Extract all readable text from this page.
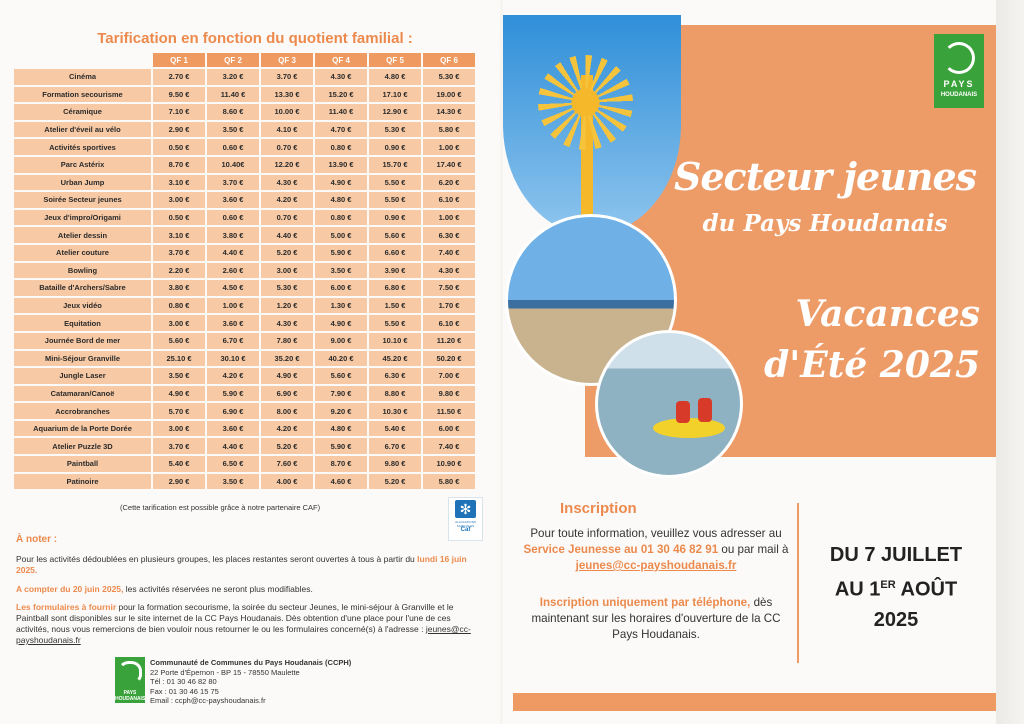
Tarification en fonction du quotient familial :
	QF 1	QF 2	QF 3	QF 4	QF 5	QF 6
Cinéma	2.70 €	3.20 €	3.70 €	4.30 €	4.80 €	5.30 €
Formation secourisme	9.50 €	11.40 €	13.30 €	15.20 €	17.10 €	19.00 €
Céramique	7.10 €	8.60 €	10.00 €	11.40 €	12.90 €	14.30 €
Atelier d'éveil au vélo	2.90 €	3.50 €	4.10 €	4.70 €	5.30 €	5.80 €
Activités sportives	0.50 €	0.60 €	0.70 €	0.80 €	0.90 €	1.00 €
Parc Astérix	8.70 €	10.40€	12.20 €	13.90 €	15.70 €	17.40 €
Urban Jump	3.10 €	3.70 €	4.30 €	4.90 €	5.50 €	6.20 €
Soirée Secteur jeunes	3.00 €	3.60 €	4.20 €	4.80 €	5.50 €	6.10 €
Jeux d'impro/Origami	0.50 €	0.60 €	0.70 €	0.80 €	0.90 €	1.00 €
Atelier dessin	3.10 €	3.80 €	4.40 €	5.00 €	5.60 €	6.30 €
Atelier couture	3.70 €	4.40 €	5.20 €	5.90 €	6.60 €	7.40 €
Bowling	2.20 €	2.60 €	3.00 €	3.50 €	3.90 €	4.30 €
Bataille d'Archers/Sabre	3.80 €	4.50 €	5.30 €	6.00 €	6.80 €	7.50 €
Jeux vidéo	0.80 €	1.00 €	1.20 €	1.30 €	1.50 €	1.70 €
Equitation	3.00 €	3.60 €	4.30 €	4.90 €	5.50 €	6.10 €
Journée Bord de mer	5.60 €	6.70 €	7.80 €	9.00 €	10.10 €	11.20 €
Mini-Séjour Granville	25.10 €	30.10 €	35.20 €	40.20 €	45.20 €	50.20 €
Jungle Laser	3.50 €	4.20 €	4.90 €	5.60 €	6.30 €	7.00 €
Catamaran/Canoë	4.90 €	5.90 €	6.90 €	7.90 €	8.80 €	9.80 €
Accrobranches	5.70 €	6.90 €	8.00 €	9.20 €	10.30 €	11.50 €
Aquarium de la Porte Dorée	3.00 €	3.60 €	4.20 €	4.80 €	5.40 €	6.00 €
Atelier Puzzle 3D	3.70 €	4.40 €	5.20 €	5.90 €	6.70 €	7.40 €
Paintball	5.40 €	6.50 €	7.60 €	8.70 €	9.80 €	10.90 €
Patinoire	2.90 €	3.50 €	4.00 €	4.60 €	5.20 €	5.80 €
(Cette tarification est possible grâce à notre partenaire CAF)	✻
ALLOCATIONS FAMILIALES
Caf
À noter :
Pour les activités dédoublées en plusieurs groupes, les places restantes seront ouvertes à tous à partir du lundi 16 juin 2025.
A compter du 20 juin 2025, les activités réservées ne seront plus modifiables.
Les formulaires à fournir pour la formation secourisme, la soirée du secteur Jeunes, le mini-séjour à Granville et le Paintball sont disponibles sur le site internet de la CC Pays Houdanais. Dès obtention d'une place pour l'une de ces activités, nous vous remercions de bien vouloir nous retourner le ou les formulaires concerné(s) à l'adresse : jeunes@cc-payshoudanais.fr
PAYS HOUDANAIS
Communauté de Communes du Pays Houdanais (CCPH)
22 Porte d'Épernon - BP 15 - 78550 Maulette
Tél : 01 30 46 82 80
Fax : 01 30 46 15 75
Email : ccph@cc-payshoudanais.fr
PAYS
HOUDANAIS
Secteur jeunes
du Pays Houdanais
Vacances
d'Été 2025
Inscription
Pour toute information, veuillez vous adresser au Service Jeunesse au 01 30 46 82 91 ou par mail à jeunes@cc-payshoudanais.fr
Inscription uniquement par téléphone, dès maintenant sur les horaires d'ouverture de la CC Pays Houdanais.
DU 7 JUILLET
AU 1ER AOÛT
2025
